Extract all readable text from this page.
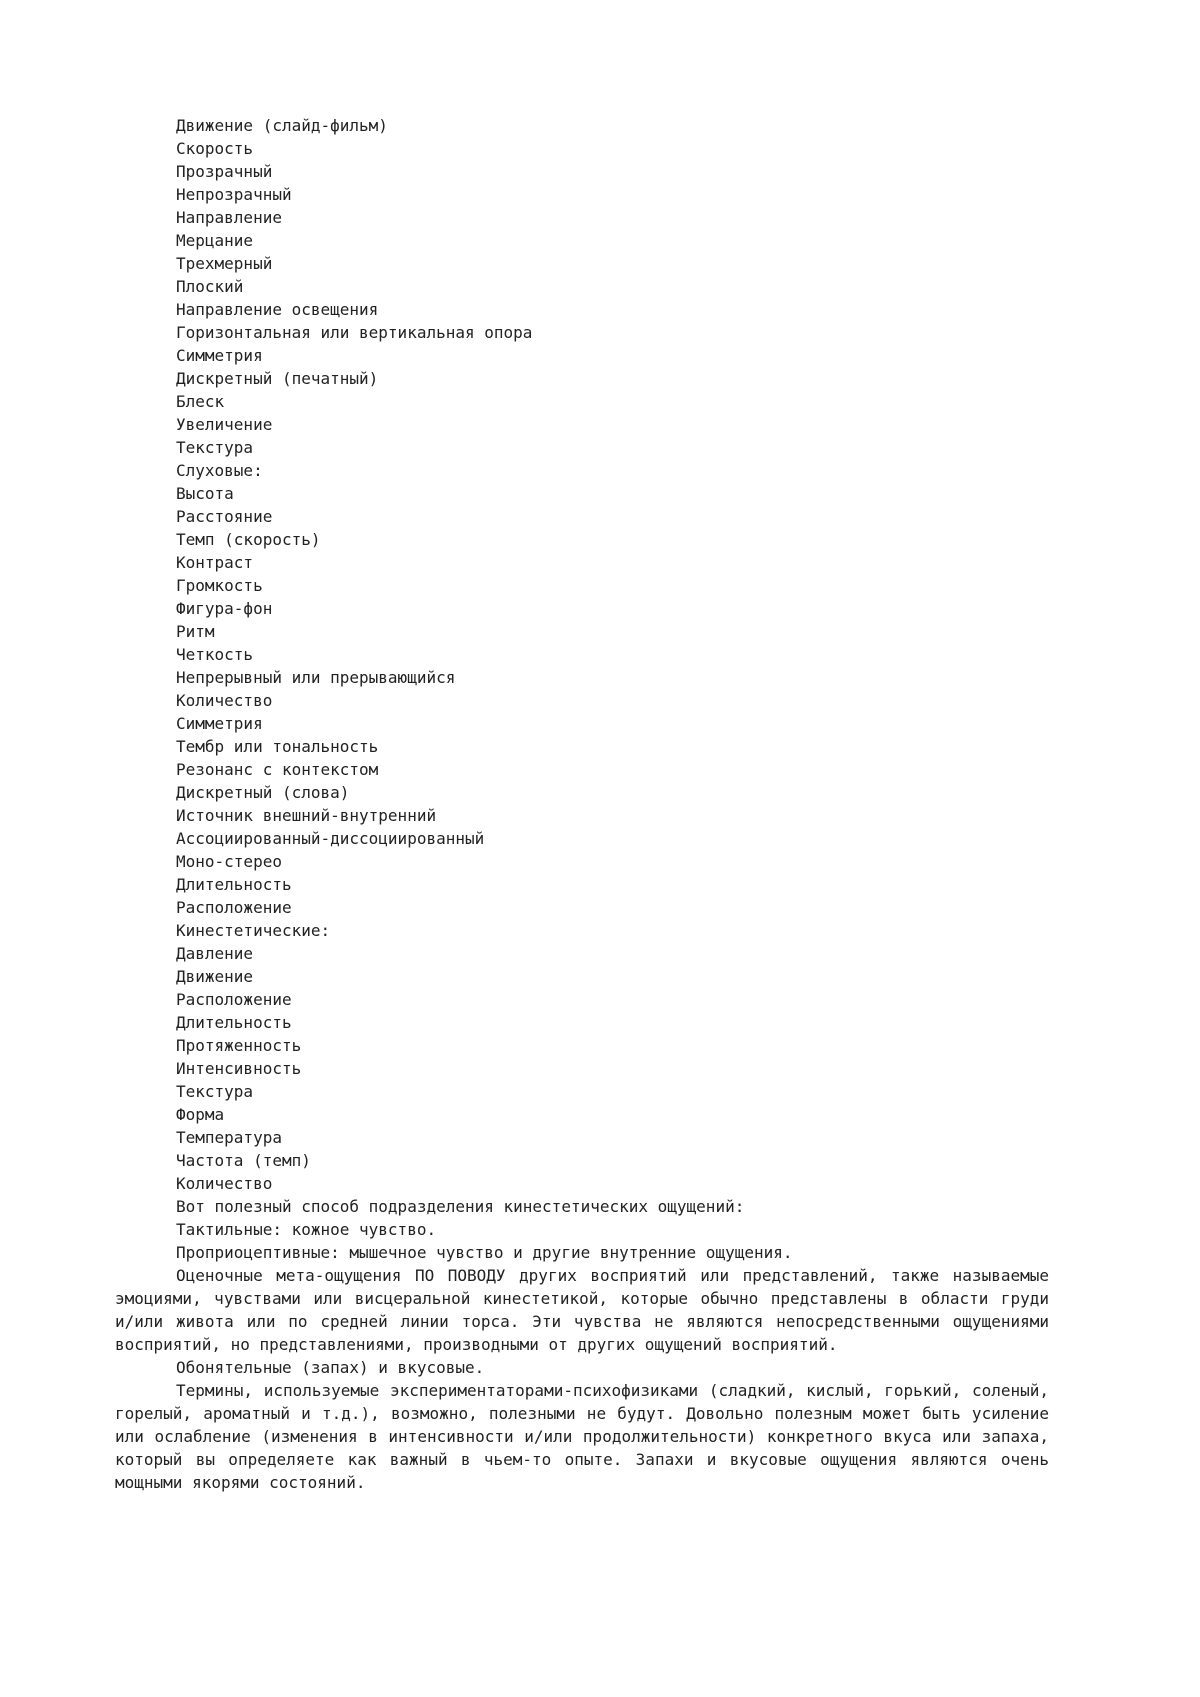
Движение (слайд-фильм)
Скорость
Прозрачный
Непрозрачный
Направление
Мерцание
Трехмерный
Плоский
Направление освещения
Горизонтальная или вертикальная опора
Симметрия
Дискретный (печатный)
Блеск
Увеличение
Текстура
Слуховые:
Высота
Расстояние
Темп (скорость)
Контраст
Громкость
Фигура-фон
Ритм
Четкость
Непрерывный или прерывающийся
Количество
Симметрия
Тембр или тональность
Резонанс с контекстом
Дискретный (слова)
Источник внешний-внутренний
Ассоциированный-диссоциированный
Моно-стерео
Длительность
Расположение
Кинестетические:
Давление
Движение
Расположение
Длительность
Протяженность
Интенсивность
Текстура
Форма
Температура
Частота (темп)
Количество
Вот полезный способ подразделения кинестетических ощущений:
Тактильные: кожное чувство.
Проприоцептивные: мышечное чувство и другие внутренние ощущения.

Оценочные мета-ощущения ПО ПОВОДУ других восприятий или представлений, также называемые эмоциями, чувствами или висцеральной кинестетикой, которые обычно представлены в области груди и/или живота или по средней линии торса. Эти чувства не являются непосредственными ощущениями восприятий, но представлениями, производными от других ощущений восприятий.

Обонятельные (запах) и вкусовые.

Термины, используемые экспериментаторами-психофизиками (сладкий, кислый, горький, соленый, горелый, ароматный и т.д.), возможно, полезными не будут. Довольно полезным может быть усиление или ослабление (изменения в интенсивности и/или продолжительности) конкретного вкуса или запаха, который вы определяете как важный в чьем-то опыте. Запахи и вкусовые ощущения являются очень мощными якорями состояний.
